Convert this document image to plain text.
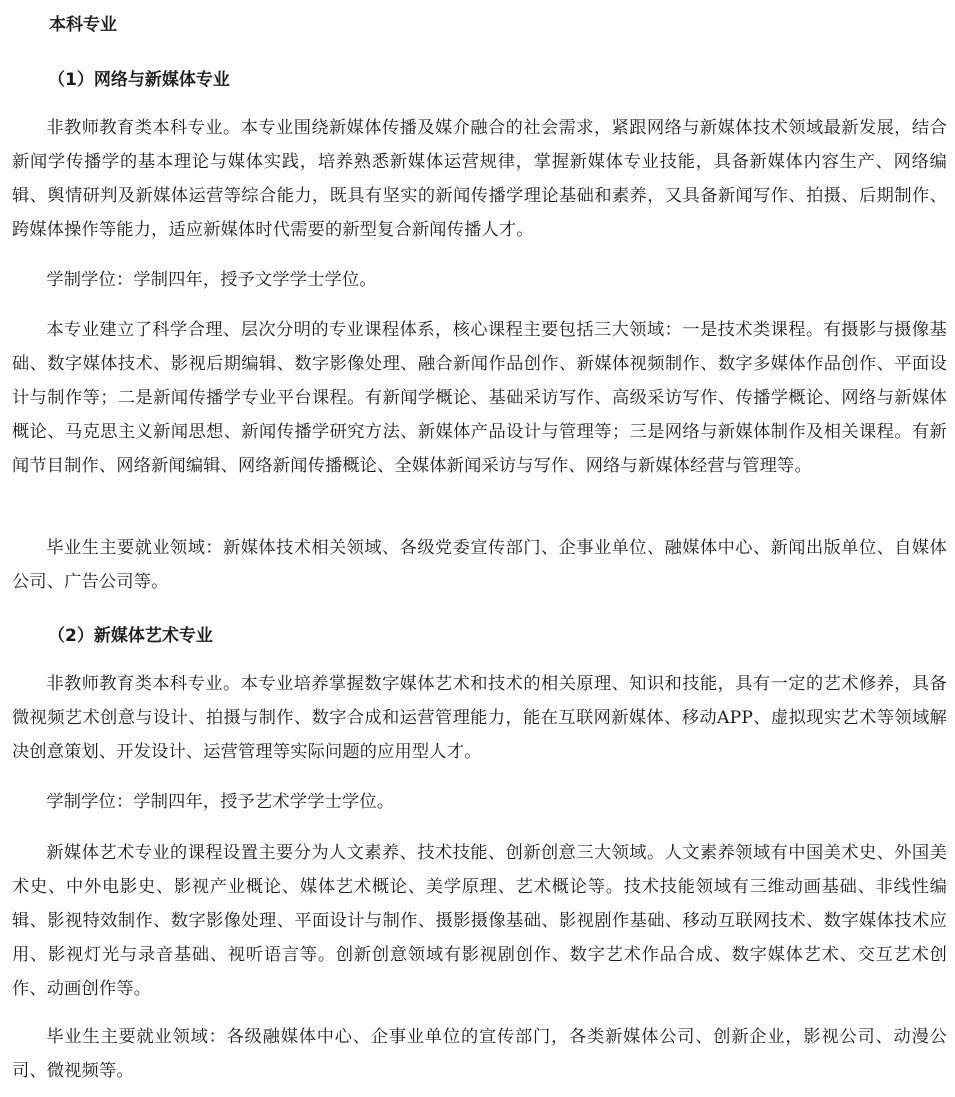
本科专业
（1）网络与新媒体专业
非教师教育类本科专业。本专业围绕新媒体传播及媒介融合的社会需求，紧跟网络与新媒体技术领域最新发展，结合新闻学传播学的基本理论与媒体实践，培养熟悉新媒体运营规律，掌握新媒体专业技能，具备新媒体内容生产、网络编辑、舆情研判及新媒体运营等综合能力，既具有坚实的新闻传播学理论基础和素养，又具备新闻写作、拍摄、后期制作、跨媒体操作等能力，适应新媒体时代需要的新型复合新闻传播人才。
学制学位：学制四年，授予文学学士学位。
本专业建立了科学合理、层次分明的专业课程体系，核心课程主要包括三大领域：一是技术类课程。有摄影与摄像基础、数字媒体技术、影视后期编辑、数字影像处理、融合新闻作品创作、新媒体视频制作、数字多媒体作品创作、平面设计与制作等；二是新闻传播学专业平台课程。有新闻学概论、基础采访写作、高级采访写作、传播学概论、网络与新媒体概论、马克思主义新闻思想、新闻传播学研究方法、新媒体产品设计与管理等；三是网络与新媒体制作及相关课程。有新闻节目制作、网络新闻编辑、网络新闻传播概论、全媒体新闻采访与写作、网络与新媒体经营与管理等。
毕业生主要就业领域：新媒体技术相关领域、各级党委宣传部门、企事业单位、融媒体中心、新闻出版单位、自媒体公司、广告公司等。
（2）新媒体艺术专业
非教师教育类本科专业。本专业培养掌握数字媒体艺术和技术的相关原理、知识和技能，具有一定的艺术修养，具备微视频艺术创意与设计、拍摄与制作、数字合成和运营管理能力，能在互联网新媒体、移动APP、虚拟现实艺术等领域解决创意策划、开发设计、运营管理等实际问题的应用型人才。
学制学位：学制四年，授予艺术学学士学位。
新媒体艺术专业的课程设置主要分为人文素养、技术技能、创新创意三大领域。人文素养领域有中国美术史、外国美术史、中外电影史、影视产业概论、媒体艺术概论、美学原理、艺术概论等。技术技能领域有三维动画基础、非线性编辑、影视特效制作、数字影像处理、平面设计与制作、摄影摄像基础、影视剧作基础、移动互联网技术、数字媒体技术应用、影视灯光与录音基础、视听语言等。创新创意领域有影视剧创作、数字艺术作品合成、数字媒体艺术、交互艺术创作、动画创作等。
毕业生主要就业领域：各级融媒体中心、企事业单位的宣传部门，各类新媒体公司、创新企业，影视公司、动漫公司、微视频等。
